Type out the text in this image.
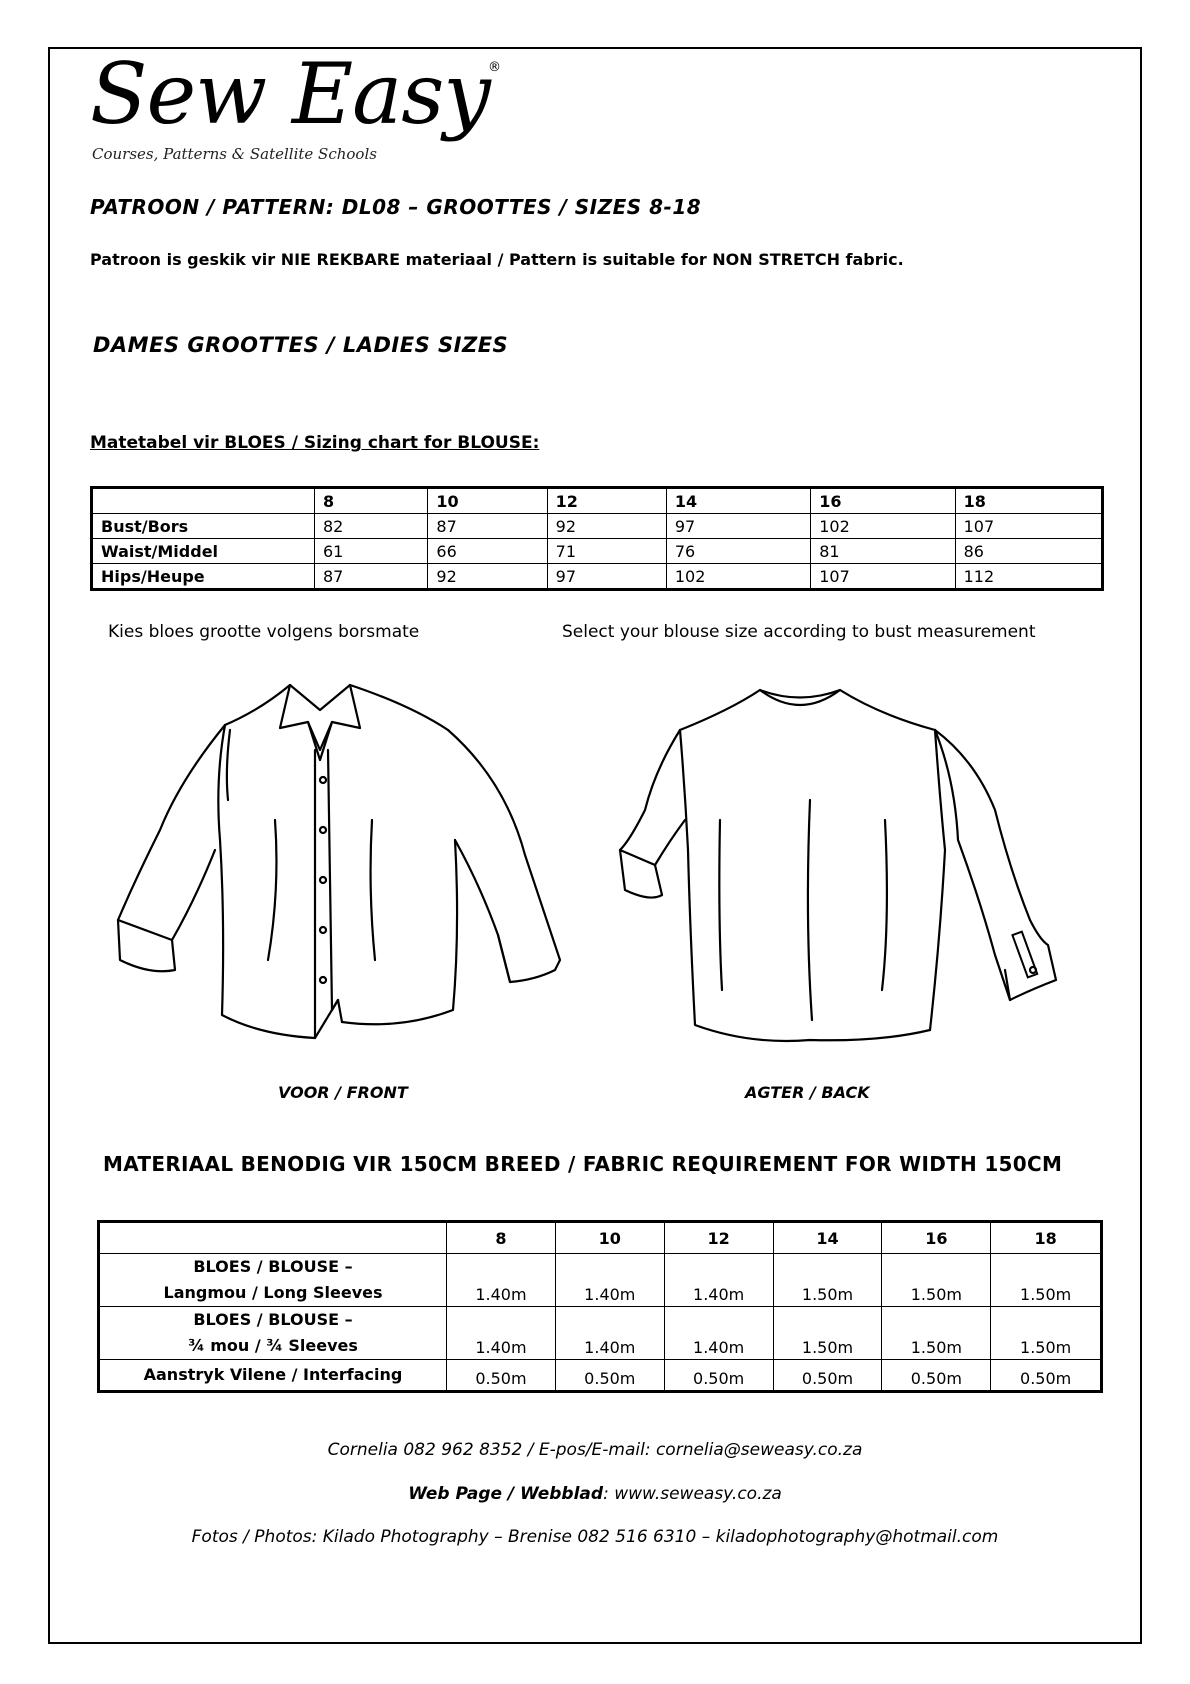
Sew Easy
®
Courses, Patterns & Satellite Schools
PATROON / PATTERN: DL08 – GROOTTES / SIZES 8-18
Patroon is geskik vir NIE REKBARE materiaal / Pattern is suitable for NON STRETCH fabric.
DAMES GROOTTES / LADIES SIZES
Matetabel vir BLOES / Sizing chart for BLOUSE:
	8	10	12	14	16	18
Bust/Bors	82	87	92	97	102	107
Waist/Middel	61	66	71	76	81	86
Hips/Heupe	87	92	97	102	107	112
Kies bloes grootte volgens borsmate	Select your blouse size according to bust measurement
VOOR / FRONT	AGTER / BACK
MATERIAAL BENODIG VIR 150CM BREED / FABRIC REQUIREMENT FOR WIDTH 150CM
	8	10	12	14	16	18

BLOES / BLOUSE –
Langmou / Long Sleeves	1.40m	1.40m	1.40m	1.50m	1.50m	1.50m

BLOES / BLOUSE –
¾ mou / ¾ Sleeves	1.40m	1.40m	1.40m	1.50m	1.50m	1.50m
Aanstryk Vilene / Interfacing	0.50m	0.50m	0.50m	0.50m	0.50m	0.50m
Cornelia 082 962 8352 / E-pos/E-mail: cornelia@seweasy.co.za
Web Page / Webblad: www.seweasy.co.za
Fotos / Photos: Kilado Photography – Brenise 082 516 6310 – kiladophotography@hotmail.com
